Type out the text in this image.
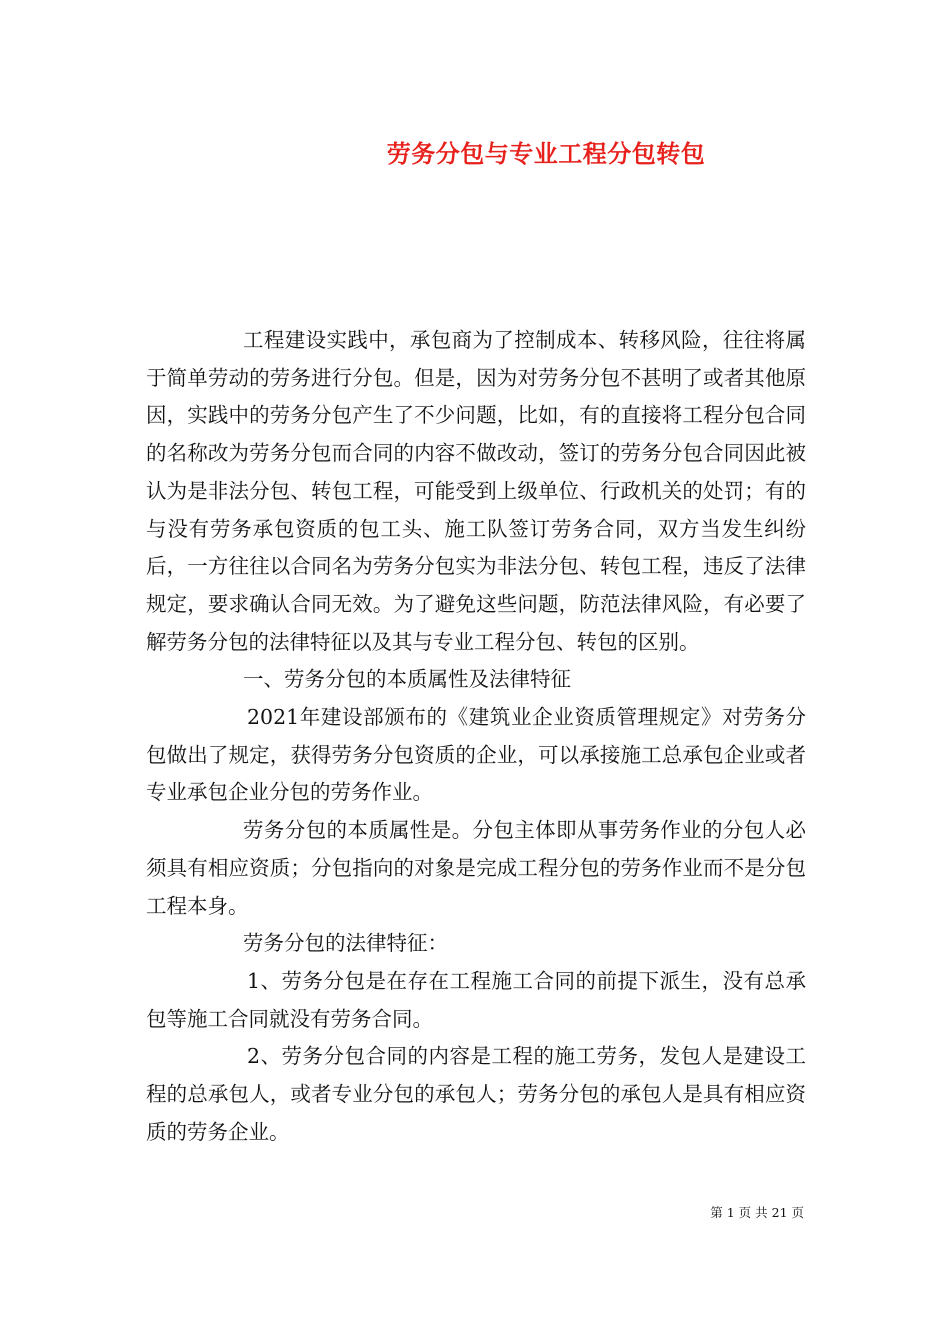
劳务分包与专业工程分包转包

工程建设实践中，承包商为了控制成本、转移风险，往往将属于简单劳动的劳务进行分包。但是，因为对劳务分包不甚明了或者其他原因，实践中的劳务分包产生了不少问题，比如，有的直接将工程分包合同的名称改为劳务分包而合同的内容不做改动，签订的劳务分包合同因此被认为是非法分包、转包工程，可能受到上级单位、行政机关的处罚；有的与没有劳务承包资质的包工头、施工队签订劳务合同，双方当发生纠纷后，一方往往以合同名为劳务分包实为非法分包、转包工程，违反了法律规定，要求确认合同无效。为了避免这些问题，防范法律风险，有必要了解劳务分包的法律特征以及其与专业工程分包、转包的区别。

一、劳务分包的本质属性及法律特征

2021年建设部颁布的《建筑业企业资质管理规定》对劳务分包做出了规定，获得劳务分包资质的企业，可以承接施工总承包企业或者专业承包企业分包的劳务作业。

劳务分包的本质属性是。分包主体即从事劳务作业的分包人必须具有相应资质；分包指向的对象是完成工程分包的劳务作业而不是分包工程本身。

劳务分包的法律特征：

1、劳务分包是在存在工程施工合同的前提下派生，没有总承包等施工合同就没有劳务合同。

2、劳务分包合同的内容是工程的施工劳务，发包人是建设工程的总承包人，或者专业分包的承包人；劳务分包的承包人是具有相应资质的劳务企业。

第 1 页 共 21 页
